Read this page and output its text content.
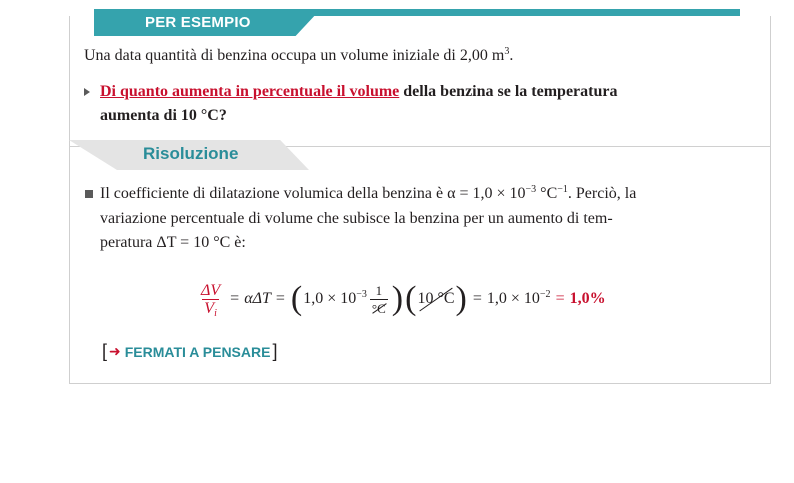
PER ESEMPIO
Una data quantità di benzina occupa un volume iniziale di 2,00 $m^3$.
Di quanto aumenta in percentuale il volume della benzina se la temperatura
aumenta di 10 °C?
Risoluzione
Il coefficiente di dilatazione volumica della benzina è $\alpha = 1,0 \times 10^{-3}$ $^\circ C^{-1}$. Perciò, la
variazione percentuale di volume che subisce la benzina per un aumento di tem-
peratura ΔT = 10 °C è:
$\frac{\Delta V}{V_i} = \alpha\Delta T$ = ( $1,0 \times 10^{-3} \frac{1}{^\circ C}$ ) ( 10 °C ) = $1,0 \times 10^{-2} = 1,0\%$
[ ➜ FERMATI A PENSARE ]
